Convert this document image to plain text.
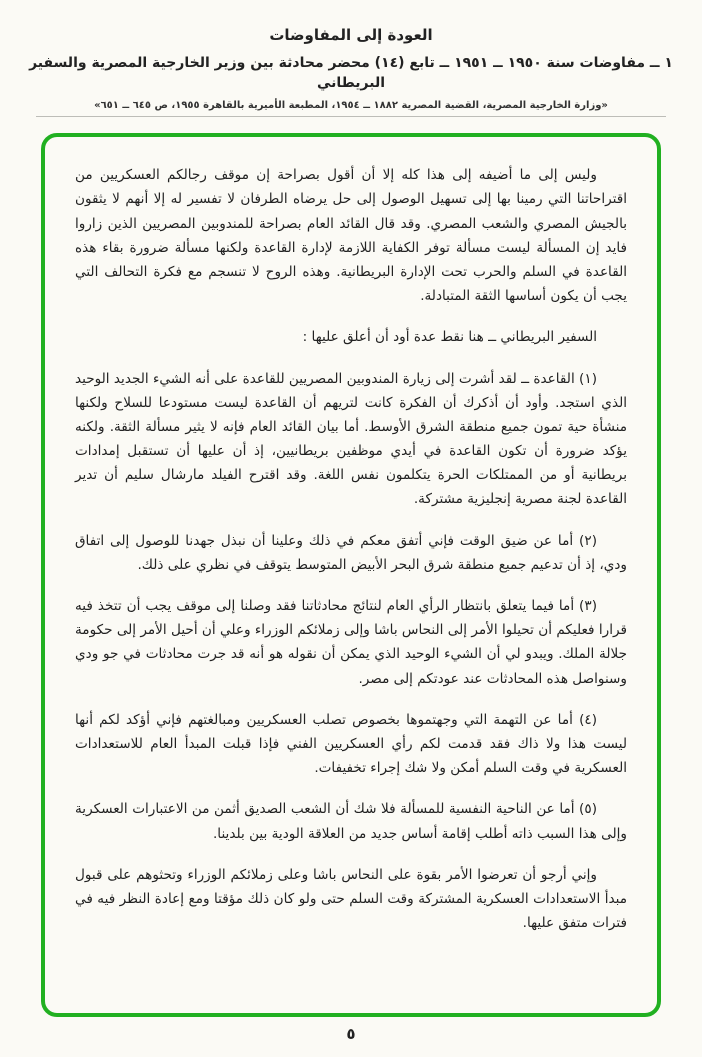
العودة إلى المفاوضات
١ ــ مفاوضات سنة ١٩٥٠ ــ ١٩٥١ ــ تابع (١٤) محضر محادثة بين وزير الخارجية المصرية والسفير البريطاني
«وزارة الخارجية المصرية، القضية المصرية ١٨٨٢ ــ ١٩٥٤، المطبعة الأميرية بالقاهرة ١٩٥٥، ص ٦٤٥ ــ ٦٥١»

وليس إلى ما أضيفه إلى هذا كله إلا أن أقول بصراحة إن موقف رجالكم العسكريين من اقتراحاتنا التي رمينا بها إلى تسهيل الوصول إلى حل يرضاه الطرفان لا تفسير له إلا أنهم لا يثقون بالجيش المصري والشعب المصري. وقد قال القائد العام بصراحة للمندوبين المصريين الذين زاروا فايد إن المسألة ليست مسألة توفر الكفاية اللازمة لإدارة القاعدة ولكنها مسألة ضرورة بقاء هذه القاعدة في السلم والحرب تحت الإدارة البريطانية. وهذه الروح لا تنسجم مع فكرة التحالف التي يجب أن يكون أساسها الثقة المتبادلة.

السفير البريطاني ــ هنا نقط عدة أود أن أعلق عليها :

(١) القاعدة ــ لقد أشرت إلى زيارة المندوبين المصريين للقاعدة على أنه الشيء الجديد الوحيد الذي استجد. وأود أن أذكرك أن الفكرة كانت لتريهم أن القاعدة ليست مستودعا للسلاح ولكنها منشأة حية تمون جميع منطقة الشرق الأوسط. أما بيان القائد العام فإنه لا يثير مسألة الثقة. ولكنه يؤكد ضرورة أن تكون القاعدة في أيدي موظفين بريطانيين، إذ أن عليها أن تستقبل إمدادات بريطانية أو من الممتلكات الحرة يتكلمون نفس اللغة. وقد اقترح الفيلد مارشال سليم أن تدير القاعدة لجنة مصرية إنجليزية مشتركة.

(٢) أما عن ضيق الوقت فإني أتفق معكم في ذلك وعلينا أن نبذل جهدنا للوصول إلى اتفاق ودي، إذ أن تدعيم جميع منطقة شرق البحر الأبيض المتوسط يتوقف في نظري على ذلك.

(٣) أما فيما يتعلق بانتظار الرأي العام لنتائج محادثاتنا فقد وصلنا إلى موقف يجب أن تتخذ فيه قرارا فعليكم أن تحيلوا الأمر إلى النحاس باشا وإلى زملائكم الوزراء وعلي أن أحيل الأمر إلى حكومة جلالة الملك. ويبدو لي أن الشيء الوحيد الذي يمكن أن نقوله هو أنه قد جرت محادثات في جو ودي وسنواصل هذه المحادثات عند عودتكم إلى مصر.

(٤) أما عن التهمة التي وجهتموها بخصوص تصلب العسكريين ومبالغتهم فإني أؤكد لكم أنها ليست هذا ولا ذاك فقد قدمت لكم رأي العسكريين الفني فإذا قبلت المبدأ العام للاستعدادات العسكرية في وقت السلم أمكن ولا شك إجراء تخفيفات.

(٥) أما عن الناحية النفسية للمسألة فلا شك أن الشعب الصديق أثمن من الاعتبارات العسكرية وإلى هذا السبب ذاته أطلب إقامة أساس جديد من العلاقة الودية بين بلدينا.

وإني أرجو أن تعرضوا الأمر بقوة على النحاس باشا وعلى زملائكم الوزراء وتحثوهم على قبول مبدأ الاستعدادات العسكرية المشتركة وقت السلم حتى ولو كان ذلك مؤقتا ومع إعادة النظر فيه في فترات متفق عليها.

٥
